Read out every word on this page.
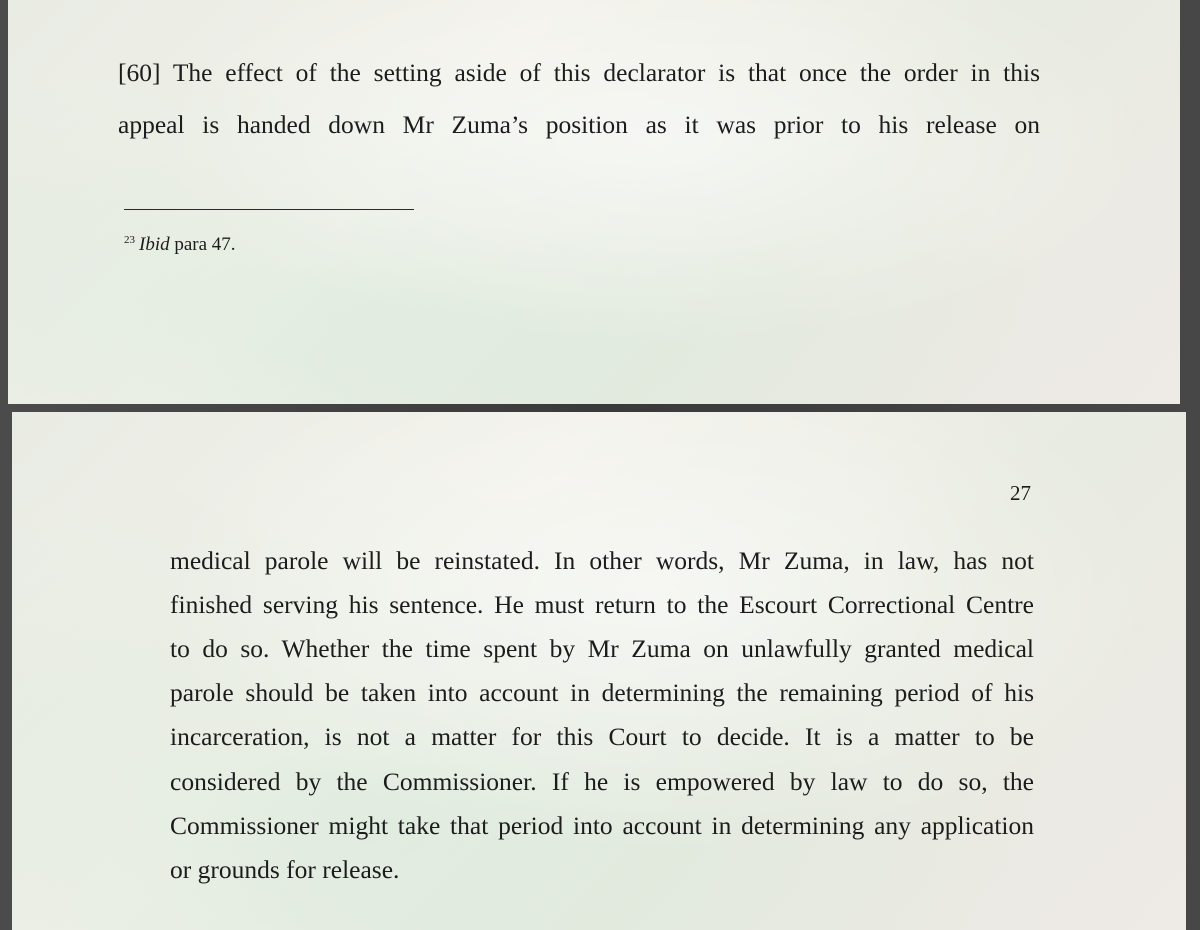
[60] The effect of the setting aside of this declarator is that once the order in this
appeal is handed down Mr Zuma’s position as it was prior to his release on
$^{23}$ Ibid para 47.
27
medical parole will be reinstated. In other words, Mr Zuma, in law, has not
finished serving his sentence. He must return to the Escourt Correctional Centre
to do so. Whether the time spent by Mr Zuma on unlawfully granted medical
parole should be taken into account in determining the remaining period of his
incarceration, is not a matter for this Court to decide. It is a matter to be
considered by the Commissioner. If he is empowered by law to do so, the
Commissioner might take that period into account in determining any application
or grounds for release.
